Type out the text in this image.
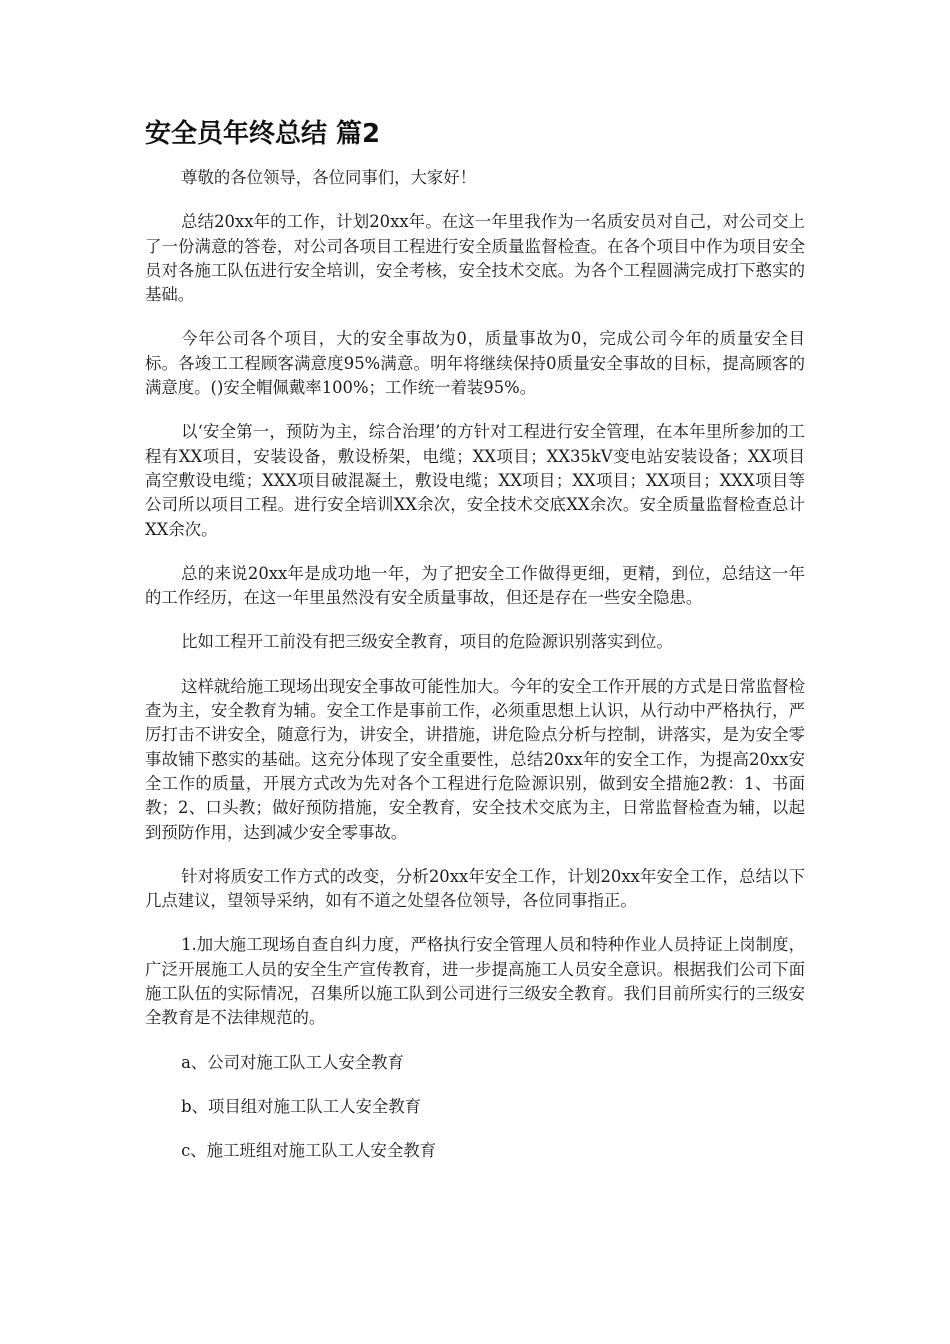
安全员年终总结 篇2

尊敬的各位领导，各位同事们，大家好！

总结20xx年的工作，计划20xx年。在这一年里我作为一名质安员对自己，对公司交上了一份满意的答卷，对公司各项目工程进行安全质量监督检查。在各个项目中作为项目安全员对各施工队伍进行安全培训，安全考核，安全技术交底。为各个工程圆满完成打下憨实的基础。

今年公司各个项目，大的安全事故为0，质量事故为0，完成公司今年的质量安全目标。各竣工工程顾客满意度95%满意。明年将继续保持0质量安全事故的目标，提高顾客的满意度。()安全帽佩戴率100%；工作统一着装95%。

以‘安全第一，预防为主，综合治理’的方针对工程进行安全管理，在本年里所参加的工程有XX项目，安装设备，敷设桥架，电缆；XX项目；XX35kV变电站安装设备；XX项目高空敷设电缆；XXX项目破混凝土，敷设电缆；XX项目；XX项目；XX项目；XXX项目等公司所以项目工程。进行安全培训XX余次，安全技术交底XX余次。安全质量监督检查总计XX余次。

总的来说20xx年是成功地一年，为了把安全工作做得更细，更精，到位，总结这一年的工作经历，在这一年里虽然没有安全质量事故，但还是存在一些安全隐患。

比如工程开工前没有把三级安全教育，项目的危险源识别落实到位。

这样就给施工现场出现安全事故可能性加大。今年的安全工作开展的方式是日常监督检查为主，安全教育为辅。安全工作是事前工作，必须重思想上认识，从行动中严格执行，严厉打击不讲安全，随意行为，讲安全，讲措施，讲危险点分析与控制，讲落实，是为安全零事故铺下憨实的基础。这充分体现了安全重要性，总结20xx年的安全工作，为提高20xx安全工作的质量，开展方式改为先对各个工程进行危险源识别，做到安全措施2教：1、书面教；2、口头教；做好预防措施，安全教育，安全技术交底为主，日常监督检查为辅，以起到预防作用，达到减少安全零事故。

针对将质安工作方式的改变，分析20xx年安全工作，计划20xx年安全工作，总结以下几点建议，望领导采纳，如有不道之处望各位领导，各位同事指正。

1.加大施工现场自查自纠力度，严格执行安全管理人员和特种作业人员持证上岗制度，广泛开展施工人员的安全生产宣传教育，进一步提高施工人员安全意识。根据我们公司下面施工队伍的实际情况，召集所以施工队到公司进行三级安全教育。我们目前所实行的三级安全教育是不法律规范的。

a、公司对施工队工人安全教育

b、项目组对施工队工人安全教育

c、施工班组对施工队工人安全教育
